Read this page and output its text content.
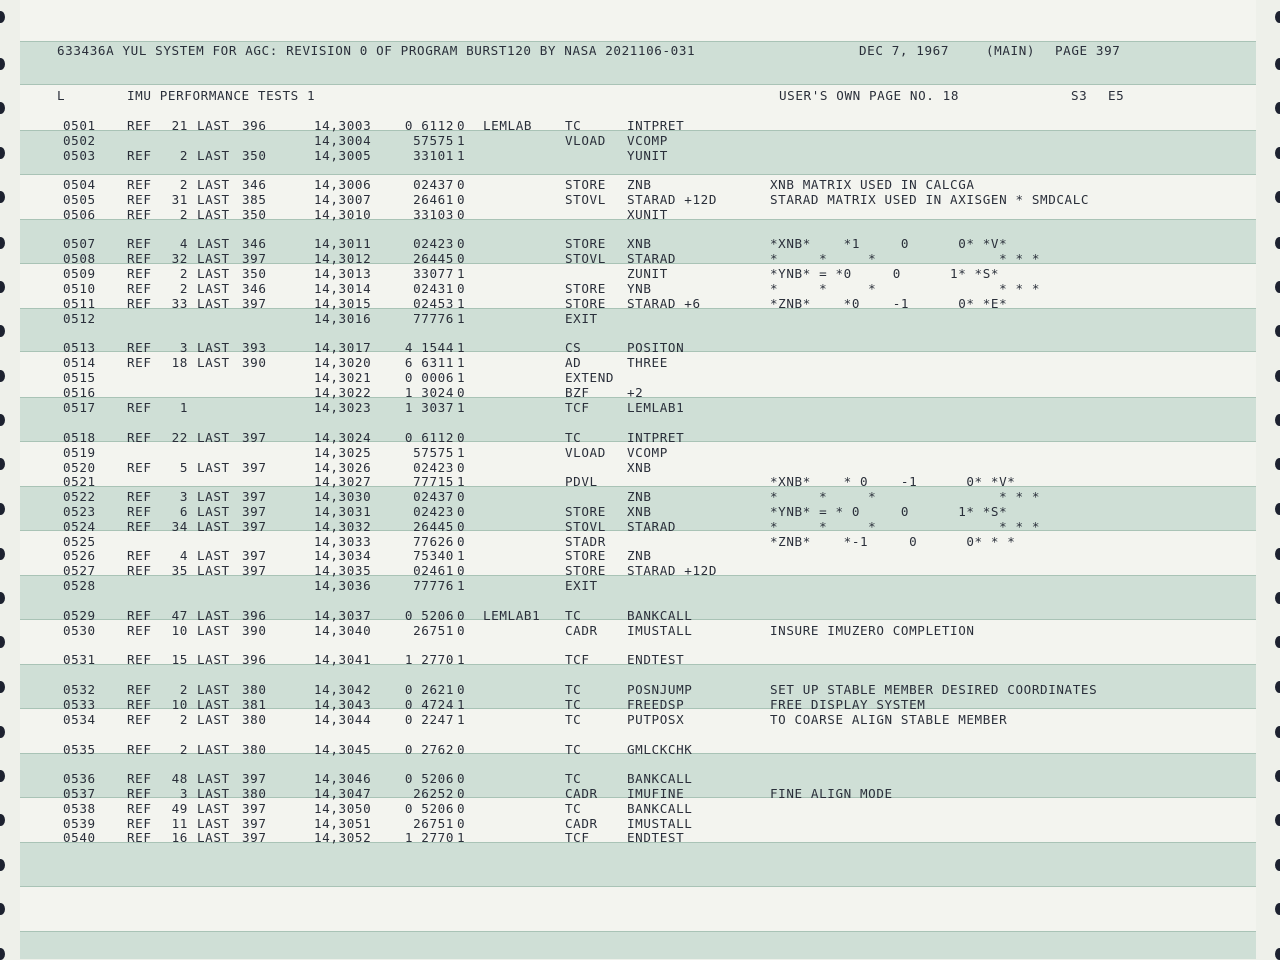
633436A YUL SYSTEM FOR AGC: REVISION 0 OF PROGRAM BURST120 BY NASA 2021106-031	DEC 7, 1967	(MAIN) PAGE 397
L	IMU PERFORMANCE TESTS 1	USER'S OWN PAGE NO. 18	S3 E5
0501 REF	21 LAST 396	14,3003	0 6112 0 LEMLAB	TC	INTPRET
0502	14,3004	57575 1	VLOAD VCOMP
0503 REF	2 LAST 350	14,3005	33101 1	YUNIT
0504 REF	2 LAST 346	14,3006	02437 0	STORE ZNB	XNB MATRIX USED IN CALCGA
0505 REF	31 LAST 385	14,3007	26461 0	STOVL STARAD +12D	STARAD MATRIX USED IN AXISGEN * SMDCALC
0506 REF	2 LAST 350	14,3010	33103 0	XUNIT
0507 REF	4 LAST 346	14,3011	02423 0	STORE XNB	*XNB*    *1     0      0* *V*
0508 REF	32 LAST 397	14,3012	26445 0	STOVL STARAD	*     *     *               * * *
0509 REF	2 LAST 350	14,3013	33077 1	ZUNIT	*YNB* = *0     0      1* *S*
0510 REF	2 LAST 346	14,3014	02431 0	STORE YNB	*     *     *               * * *
0511 REF	33 LAST 397	14,3015	02453 1	STORE STARAD +6	*ZNB*    *0    -1      0* *E*
0512	14,3016	77776 1	EXIT
0513 REF	3 LAST 393	14,3017	4 1544 1	CS	POSITON
0514 REF	18 LAST 390	14,3020	6 6311 1	AD	THREE
0515	14,3021	0 0006 1	EXTEND
0516	14,3022	1 3024 0	BZF	+2
0517 REF	1	14,3023	1 3037 1	TCF	LEMLAB1
0518 REF	22 LAST 397	14,3024	0 6112 0	TC	INTPRET
0519	14,3025	57575 1	VLOAD VCOMP
0520 REF	5 LAST 397	14,3026	02423 0	XNB
0521	14,3027	77715 1	PDVL	*XNB*    * 0    -1      0* *V*
0522 REF	3 LAST 397	14,3030	02437 0	ZNB	*     *     *               * * *
0523 REF	6 LAST 397	14,3031	02423 0	STORE XNB	*YNB* = * 0     0      1* *S*
0524 REF	34 LAST 397	14,3032	26445 0	STOVL STARAD	*     *     *               * * *
0525	14,3033	77626 0	STADR	*ZNB*    *-1     0      0* * *
0526 REF	4 LAST 397	14,3034	75340 1	STORE ZNB
0527 REF	35 LAST 397	14,3035	02461 0	STORE STARAD +12D
0528	14,3036	77776 1	EXIT
0529 REF	47 LAST 396	14,3037	0 5206 0 LEMLAB1 TC	BANKCALL
0530 REF	10 LAST 390	14,3040	26751 0	CADR IMUSTALL	INSURE IMUZERO COMPLETION
0531 REF	15 LAST 396	14,3041	1 2770 1	TCF	ENDTEST
0532 REF	2 LAST 380	14,3042	0 2621 0	TC	POSNJUMP	SET UP STABLE MEMBER DESIRED COORDINATES
0533 REF	10 LAST 381	14,3043	0 4724 1	TC	FREEDSP	FREE DISPLAY SYSTEM
0534 REF	2 LAST 380	14,3044	0 2247 1	TC	PUTPOSX	TO COARSE ALIGN STABLE MEMBER
0535 REF	2 LAST 380	14,3045	0 2762 0	TC	GMLCKCHK
0536 REF	48 LAST 397	14,3046	0 5206 0	TC	BANKCALL
0537 REF	3 LAST 380	14,3047	26252 0	CADR IMUFINE	FINE ALIGN MODE
0538 REF	49 LAST 397	14,3050	0 5206 0	TC	BANKCALL
0539 REF	11 LAST 397	14,3051	26751 0	CADR IMUSTALL
0540 REF	16 LAST 397	14,3052	1 2770 1	TCF	ENDTEST
